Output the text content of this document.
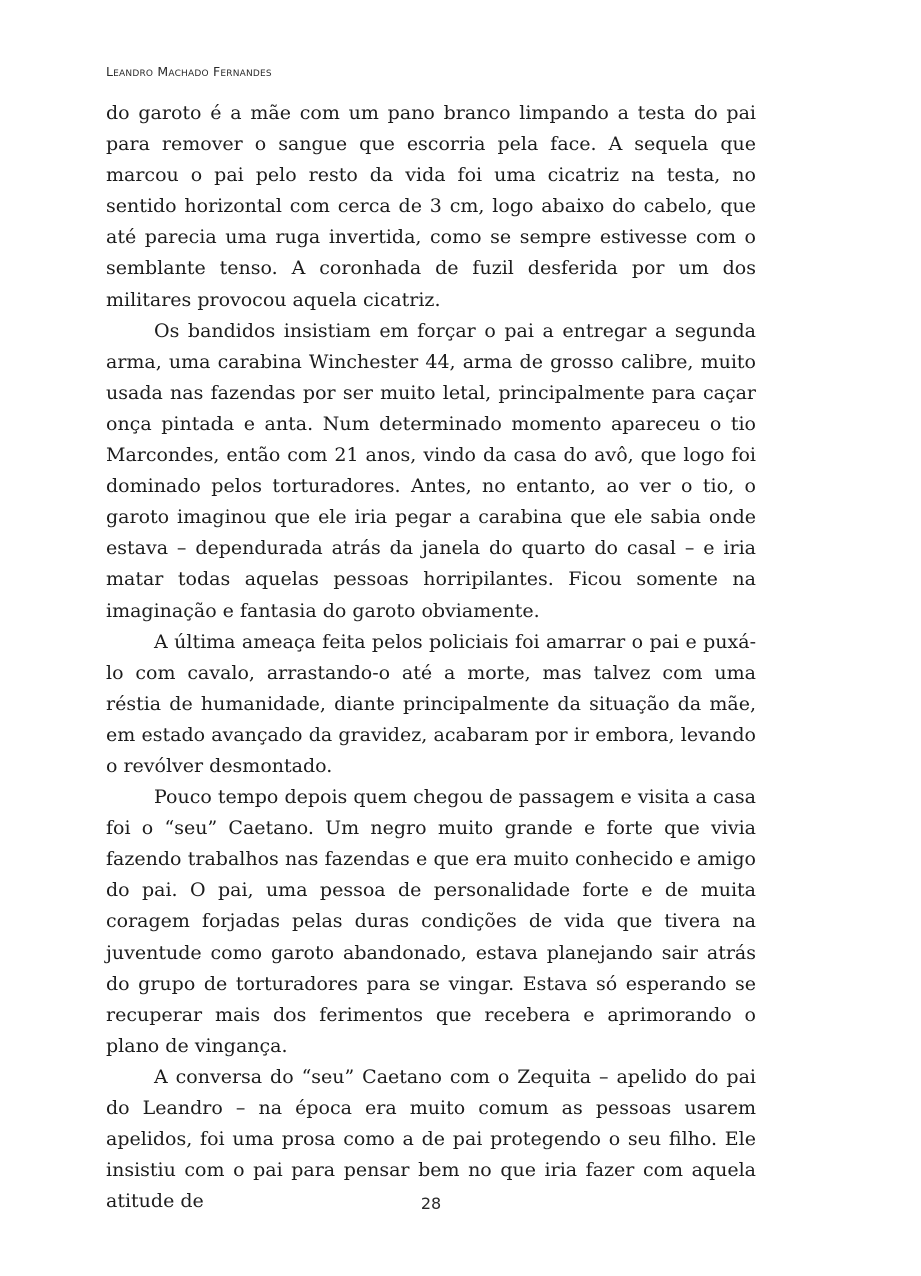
Leandro Machado Fernandes

do garoto é a mãe com um pano branco limpando a testa do pai para remover o sangue que escorria pela face. A sequela que marcou o pai pelo resto da vida foi uma cicatriz na testa, no sentido horizontal com cerca de 3 cm, logo abaixo do cabelo, que até parecia uma ruga invertida, como se sempre estivesse com o semblante tenso. A coronhada de fuzil desferida por um dos militares provocou aquela cicatriz.

Os bandidos insistiam em forçar o pai a entregar a segunda arma, uma carabina Winchester 44, arma de grosso calibre, muito usada nas fazendas por ser muito letal, principalmente para caçar onça pintada e anta. Num determinado momento apareceu o tio Marcondes, então com 21 anos, vindo da casa do avô, que logo foi dominado pelos torturadores. Antes, no entanto, ao ver o tio, o garoto imaginou que ele iria pegar a carabina que ele sabia onde estava – dependurada atrás da janela do quarto do casal – e iria matar todas aquelas pessoas horripilantes. Ficou somente na imaginação e fantasia do garoto obviamente.

A última ameaça feita pelos policiais foi amarrar o pai e puxá-lo com cavalo, arrastando-o até a morte, mas talvez com uma réstia de humanidade, diante principalmente da situação da mãe, em estado avançado da gravidez, acabaram por ir embora, levando o revólver desmontado.

Pouco tempo depois quem chegou de passagem e visita a casa foi o “seu” Caetano. Um negro muito grande e forte que vivia fazendo trabalhos nas fazendas e que era muito conhecido e amigo do pai. O pai, uma pessoa de personalidade forte e de muita coragem forjadas pelas duras condições de vida que tivera na juventude como garoto abandonado, estava planejando sair atrás do grupo de torturadores para se vingar. Estava só esperando se recuperar mais dos ferimentos que recebera e aprimorando o plano de vingança.

A conversa do “seu” Caetano com o Zequita – apelido do pai do Leandro – na época era muito comum as pessoas usarem apelidos, foi uma prosa como a de pai protegendo o seu filho. Ele insistiu com o pai para pensar bem no que iria fazer com aquela atitude de	28
